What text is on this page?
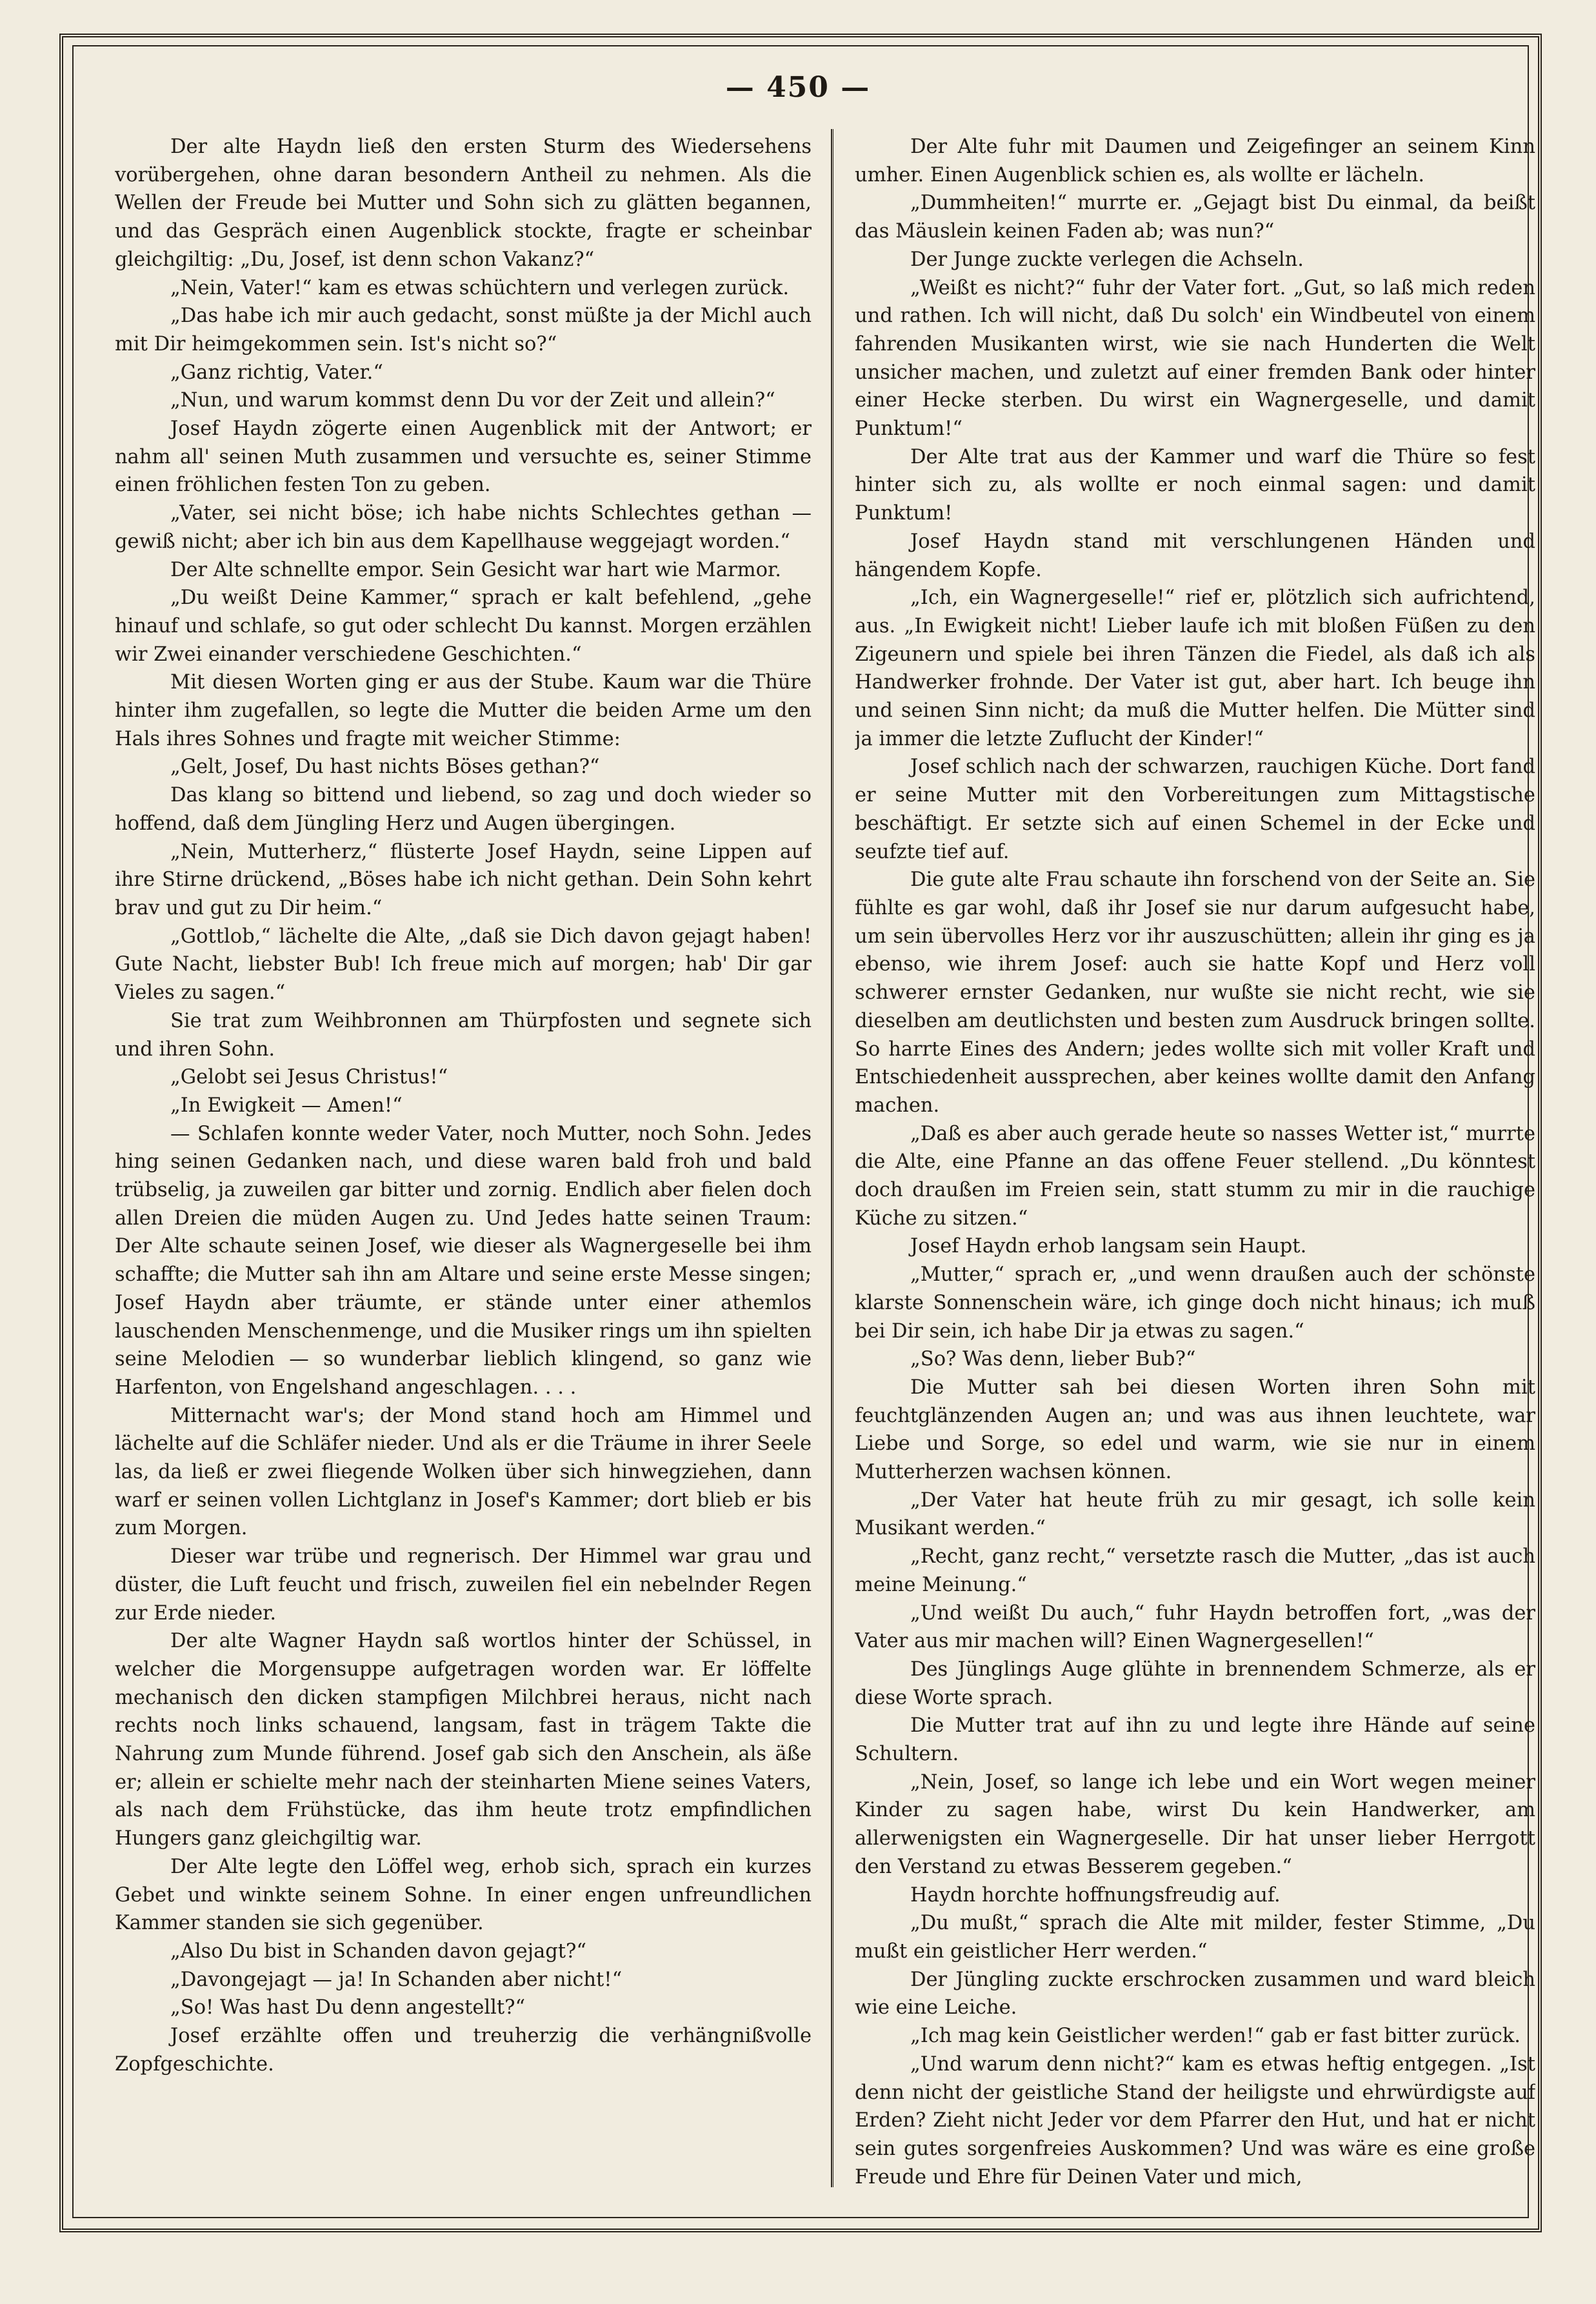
— 450 —

Der alte Haydn ließ den ersten Sturm des Wiedersehens vorübergehen, ohne daran besondern Antheil zu nehmen. Als die Wellen der Freude bei Mutter und Sohn sich zu glätten begannen, und das Gespräch einen Augenblick stockte, fragte er scheinbar gleichgiltig: „Du, Josef, ist denn schon Vakanz?“

„Nein, Vater!“ kam es etwas schüchtern und verlegen zurück.

„Das habe ich mir auch gedacht, sonst müßte ja der Michl auch mit Dir heimgekommen sein. Ist's nicht so?“

„Ganz richtig, Vater.“

„Nun, und warum kommst denn Du vor der Zeit und allein?“

Josef Haydn zögerte einen Augenblick mit der Antwort; er nahm all' seinen Muth zusammen und versuchte es, seiner Stimme einen fröhlichen festen Ton zu geben.

„Vater, sei nicht böse; ich habe nichts Schlechtes gethan — gewiß nicht; aber ich bin aus dem Kapellhause weggejagt worden.“

Der Alte schnellte empor. Sein Gesicht war hart wie Marmor.

„Du weißt Deine Kammer,“ sprach er kalt befehlend, „gehe hinauf und schlafe, so gut oder schlecht Du kannst. Morgen erzählen wir Zwei einander verschiedene Geschichten.“

Mit diesen Worten ging er aus der Stube. Kaum war die Thüre hinter ihm zugefallen, so legte die Mutter die beiden Arme um den Hals ihres Sohnes und fragte mit weicher Stimme:

„Gelt, Josef, Du hast nichts Böses gethan?“

Das klang so bittend und liebend, so zag und doch wieder so hoffend, daß dem Jüngling Herz und Augen übergingen.

„Nein, Mutterherz,“ flüsterte Josef Haydn, seine Lippen auf ihre Stirne drückend, „Böses habe ich nicht gethan. Dein Sohn kehrt brav und gut zu Dir heim.“

„Gottlob,“ lächelte die Alte, „daß sie Dich davon gejagt haben! Gute Nacht, liebster Bub! Ich freue mich auf morgen; hab' Dir gar Vieles zu sagen.“

Sie trat zum Weihbronnen am Thürpfosten und segnete sich und ihren Sohn.

„Gelobt sei Jesus Christus!“

„In Ewigkeit — Amen!“

— Schlafen konnte weder Vater, noch Mutter, noch Sohn. Jedes hing seinen Gedanken nach, und diese waren bald froh und bald trübselig, ja zuweilen gar bitter und zornig. Endlich aber fielen doch allen Dreien die müden Augen zu. Und Jedes hatte seinen Traum: Der Alte schaute seinen Josef, wie dieser als Wagnergeselle bei ihm schaffte; die Mutter sah ihn am Altare und seine erste Messe singen; Josef Haydn aber träumte, er stände unter einer athemlos lauschenden Menschenmenge, und die Musiker rings um ihn spielten seine Melodien — so wunderbar lieblich klingend, so ganz wie Harfenton, von Engelshand angeschlagen. . . .

Mitternacht war's; der Mond stand hoch am Himmel und lächelte auf die Schläfer nieder. Und als er die Träume in ihrer Seele las, da ließ er zwei fliegende Wolken über sich hinwegziehen, dann warf er seinen vollen Lichtglanz in Josef's Kammer; dort blieb er bis zum Morgen.

Dieser war trübe und regnerisch. Der Himmel war grau und düster, die Luft feucht und frisch, zuweilen fiel ein nebelnder Regen zur Erde nieder.

Der alte Wagner Haydn saß wortlos hinter der Schüssel, in welcher die Morgensuppe aufgetragen worden war. Er löffelte mechanisch den dicken stampfigen Milchbrei heraus, nicht nach rechts noch links schauend, langsam, fast in trägem Takte die Nahrung zum Munde führend. Josef gab sich den Anschein, als äße er; allein er schielte mehr nach der steinharten Miene seines Vaters, als nach dem Frühstücke, das ihm heute trotz empfindlichen Hungers ganz gleichgiltig war.

Der Alte legte den Löffel weg, erhob sich, sprach ein kurzes Gebet und winkte seinem Sohne. In einer engen unfreundlichen Kammer standen sie sich gegenüber.

„Also Du bist in Schanden davon gejagt?“

„Davongejagt — ja! In Schanden aber nicht!“

„So! Was hast Du denn angestellt?“

Josef erzählte offen und treuherzig die verhängnißvolle Zopfgeschichte.

Der Alte fuhr mit Daumen und Zeigefinger an seinem Kinn umher. Einen Augenblick schien es, als wollte er lächeln.

„Dummheiten!“ murrte er. „Gejagt bist Du einmal, da beißt das Mäuslein keinen Faden ab; was nun?“

Der Junge zuckte verlegen die Achseln.

„Weißt es nicht?“ fuhr der Vater fort. „Gut, so laß mich reden und rathen. Ich will nicht, daß Du solch' ein Windbeutel von einem fahrenden Musikanten wirst, wie sie nach Hunderten die Welt unsicher machen, und zuletzt auf einer fremden Bank oder hinter einer Hecke sterben. Du wirst ein Wagnergeselle, und damit Punktum!“

Der Alte trat aus der Kammer und warf die Thüre so fest hinter sich zu, als wollte er noch einmal sagen: und damit Punktum!

Josef Haydn stand mit verschlungenen Händen und hängendem Kopfe.

„Ich, ein Wagnergeselle!“ rief er, plötzlich sich aufrichtend, aus. „In Ewigkeit nicht! Lieber laufe ich mit bloßen Füßen zu den Zigeunern und spiele bei ihren Tänzen die Fiedel, als daß ich als Handwerker frohnde. Der Vater ist gut, aber hart. Ich beuge ihn und seinen Sinn nicht; da muß die Mutter helfen. Die Mütter sind ja immer die letzte Zuflucht der Kinder!“

Josef schlich nach der schwarzen, rauchigen Küche. Dort fand er seine Mutter mit den Vorbereitungen zum Mittagstische beschäftigt. Er setzte sich auf einen Schemel in der Ecke und seufzte tief auf.

Die gute alte Frau schaute ihn forschend von der Seite an. Sie fühlte es gar wohl, daß ihr Josef sie nur darum aufgesucht habe, um sein übervolles Herz vor ihr auszuschütten; allein ihr ging es ja ebenso, wie ihrem Josef: auch sie hatte Kopf und Herz voll schwerer ernster Gedanken, nur wußte sie nicht recht, wie sie dieselben am deutlichsten und besten zum Ausdruck bringen sollte. So harrte Eines des Andern; jedes wollte sich mit voller Kraft und Entschiedenheit aussprechen, aber keines wollte damit den Anfang machen.

„Daß es aber auch gerade heute so nasses Wetter ist,“ murrte die Alte, eine Pfanne an das offene Feuer stellend. „Du könntest doch draußen im Freien sein, statt stumm zu mir in die rauchige Küche zu sitzen.“

Josef Haydn erhob langsam sein Haupt.

„Mutter,“ sprach er, „und wenn draußen auch der schönste klarste Sonnenschein wäre, ich ginge doch nicht hinaus; ich muß bei Dir sein, ich habe Dir ja etwas zu sagen.“

„So? Was denn, lieber Bub?“

Die Mutter sah bei diesen Worten ihren Sohn mit feuchtglänzenden Augen an; und was aus ihnen leuchtete, war Liebe und Sorge, so edel und warm, wie sie nur in einem Mutterherzen wachsen können.

„Der Vater hat heute früh zu mir gesagt, ich solle kein Musikant werden.“

„Recht, ganz recht,“ versetzte rasch die Mutter, „das ist auch meine Meinung.“

„Und weißt Du auch,“ fuhr Haydn betroffen fort, „was der Vater aus mir machen will? Einen Wagnergesellen!“

Des Jünglings Auge glühte in brennendem Schmerze, als er diese Worte sprach.

Die Mutter trat auf ihn zu und legte ihre Hände auf seine Schultern.

„Nein, Josef, so lange ich lebe und ein Wort wegen meiner Kinder zu sagen habe, wirst Du kein Handwerker, am allerwenigsten ein Wagnergeselle. Dir hat unser lieber Herrgott den Verstand zu etwas Besserem gegeben.“

Haydn horchte hoffnungsfreudig auf.

„Du mußt,“ sprach die Alte mit milder, fester Stimme, „Du mußt ein geistlicher Herr werden.“

Der Jüngling zuckte erschrocken zusammen und ward bleich wie eine Leiche.

„Ich mag kein Geistlicher werden!“ gab er fast bitter zurück.

„Und warum denn nicht?“ kam es etwas heftig entgegen. „Ist denn nicht der geistliche Stand der heiligste und ehrwürdigste auf Erden? Zieht nicht Jeder vor dem Pfarrer den Hut, und hat er nicht sein gutes sorgenfreies Auskommen? Und was wäre es eine große Freude und Ehre für Deinen Vater und mich,
